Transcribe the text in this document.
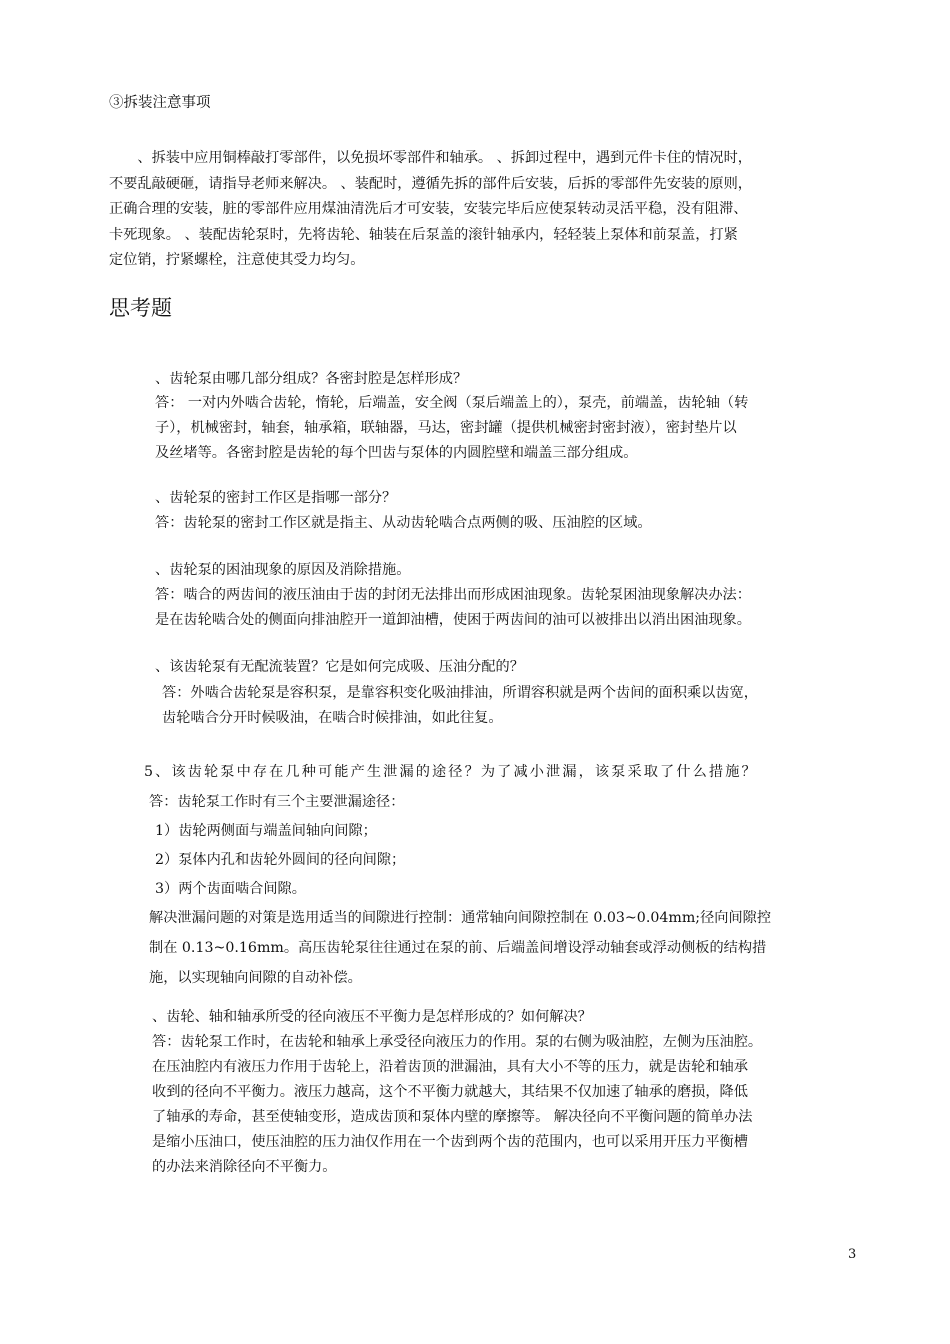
③拆装注意事项
　　、拆装中应用铜棒敲打零部件，以免损坏零部件和轴承。 、拆卸过程中，遇到元件卡住的情况时，
不要乱敲硬砸，请指导老师来解决。 、装配时，遵循先拆的部件后安装，后拆的零部件先安装的原则，
正确合理的安装，脏的零部件应用煤油清洗后才可安装，安装完毕后应使泵转动灵活平稳，没有阻滞、
卡死现象。 、装配齿轮泵时，先将齿轮、轴装在后泵盖的滚针轴承内，轻轻装上泵体和前泵盖，打紧
定位销，拧紧螺栓，注意使其受力均匀。
思考题
、齿轮泵由哪几部分组成？各密封腔是怎样形成？
答： 一对内外啮合齿轮，惰轮，后端盖，安全阀（泵后端盖上的），泵壳，前端盖，齿轮轴（转
子），机械密封，轴套，轴承箱，联轴器，马达，密封罐（提供机械密封密封液），密封垫片以
及丝堵等。各密封腔是齿轮的每个凹齿与泵体的内圆腔壁和端盖三部分组成。
、齿轮泵的密封工作区是指哪一部分？
答：齿轮泵的密封工作区就是指主、从动齿轮啮合点两侧的吸、压油腔的区域。
、齿轮泵的困油现象的原因及消除措施。
答：啮合的两齿间的液压油由于齿的封闭无法排出而形成困油现象。齿轮泵困油现象解决办法：
是在齿轮啮合处的侧面向排油腔开一道卸油槽，使困于两齿间的油可以被排出以消出困油现象。
、该齿轮泵有无配流装置？它是如何完成吸、压油分配的？
答：外啮合齿轮泵是容积泵，是靠容积变化吸油排油，所谓容积就是两个齿间的面积乘以齿宽，
齿轮啮合分开时候吸油，在啮合时候排油，如此往复。
5、该齿轮泵中存在几种可能产生泄漏的途径？为了减小泄漏，该泵采取了什么措施？
答：齿轮泵工作时有三个主要泄漏途径：
1）齿轮两侧面与端盖间轴向间隙；
2）泵体内孔和齿轮外圆间的径向间隙；
3）两个齿面啮合间隙。
解决泄漏问题的对策是选用适当的间隙进行控制：通常轴向间隙控制在 0.03~0.04mm;径向间隙控
制在 0.13~0.16mm。高压齿轮泵往往通过在泵的前、后端盖间增设浮动轴套或浮动侧板的结构措
施，以实现轴向间隙的自动补偿。
、齿轮、轴和轴承所受的径向液压不平衡力是怎样形成的？如何解决？
答：齿轮泵工作时，在齿轮和轴承上承受径向液压力的作用。泵的右侧为吸油腔，左侧为压油腔。
在压油腔内有液压力作用于齿轮上，沿着齿顶的泄漏油，具有大小不等的压力，就是齿轮和轴承
收到的径向不平衡力。液压力越高，这个不平衡力就越大，其结果不仅加速了轴承的磨损，降低
了轴承的寿命，甚至使轴变形，造成齿顶和泵体内壁的摩擦等。 解决径向不平衡问题的简单办法
是缩小压油口，使压油腔的压力油仅作用在一个齿到两个齿的范围内，也可以采用开压力平衡槽
的办法来消除径向不平衡力。
3
